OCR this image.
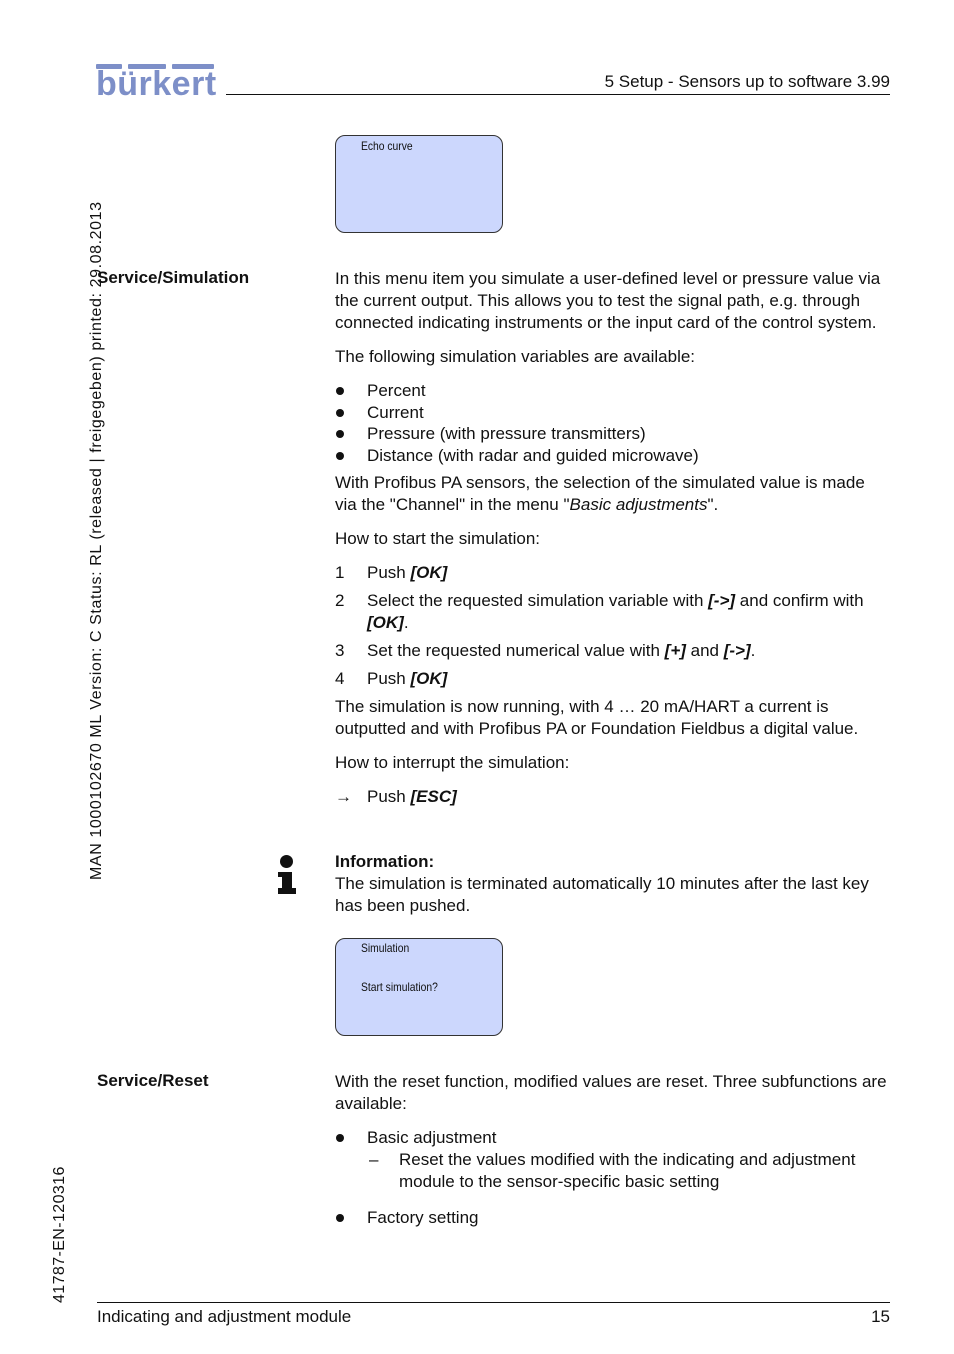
bürkert	5 Setup - Sensors up to software 3.99
MAN 1000102670 ML Version: C Status: RL (released | freigegeben) printed: 29.08.2013
41787-EN-120316
Echo curve
Service/Simulation	In this menu item you simulate a user-defined level or pressure value via the current output. This allows you to test the signal path, e.g. through connected indicating instruments or the input card of the control system.

The following simulation variables are available:

Percent
Current
Pressure (with pressure transmitters)
Distance (with radar and guided microwave)

With Profibus PA sensors, the selection of the simulated value is made via the "Channel" in the menu "Basic adjustments".

How to start the simulation:

1 Push [OK]
2 Select the requested simulation variable with [->] and confirm with [OK].
3 Set the requested numerical value with [+] and [->].
4 Push [OK]

The simulation is now running, with 4 … 20 mA/HART a current is outputted and with Profibus PA or Foundation Fieldbus a digital value.

How to interrupt the simulation:

→ Push [ESC]

Information:

The simulation is terminated automatically 10 minutes after the last key has been pushed.

Simulation
Start simulation?
Service/Reset	With the reset function, modified values are reset. Three subfunctions are available:

Basic adjustment
– Reset the values modified with the indicating and adjustment module to the sensor-specific basic setting
Factory setting
Indicating and adjustment module	15
